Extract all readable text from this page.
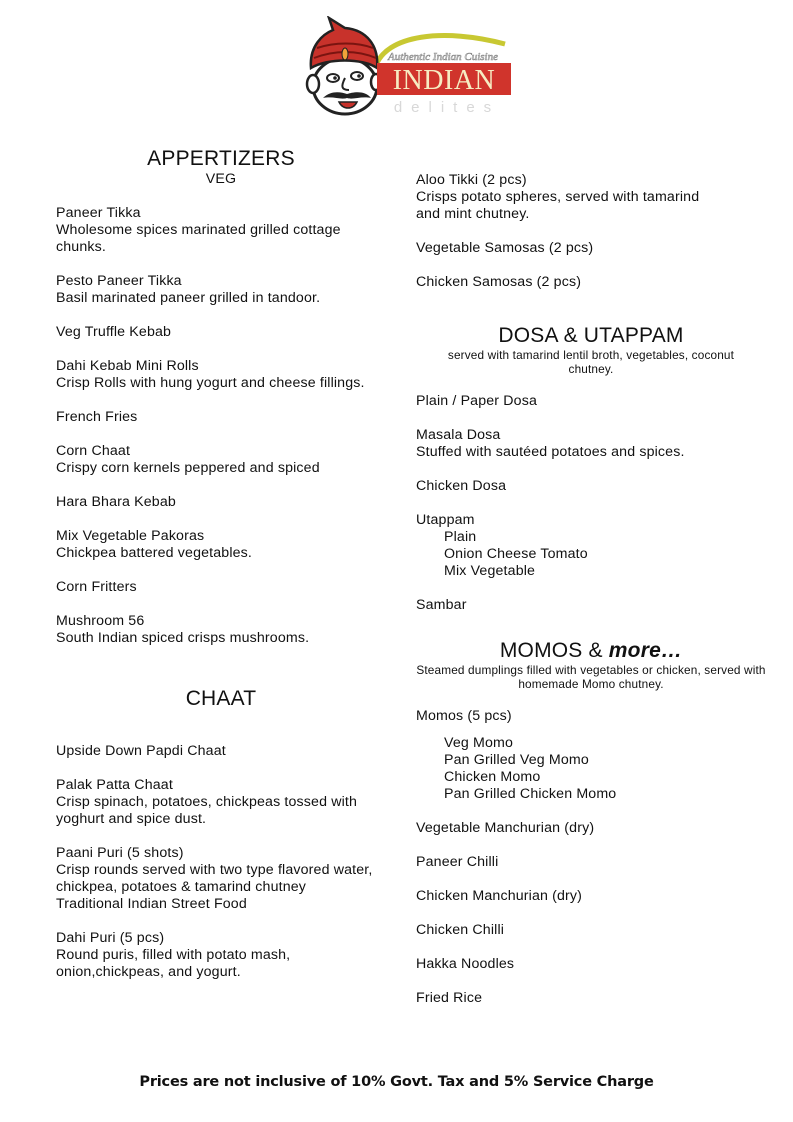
Authentic Indian Cuisine
INDIAN
delites
APPERTIZERS
VEG
Paneer Tikka
Wholesome spices marinated grilled cottage chunks.
Pesto Paneer Tikka
Basil marinated paneer grilled in tandoor.
Veg Truffle Kebab
Dahi Kebab Mini Rolls
Crisp Rolls with hung yogurt and cheese fillings.
French Fries
Corn Chaat
Crispy corn kernels peppered and spiced
Hara Bhara Kebab
Mix Vegetable Pakoras
Chickpea battered vegetables.
Corn Fritters
Mushroom 56
South Indian spiced crisps mushrooms.
CHAAT
Upside Down Papdi Chaat
Palak Patta Chaat
Crisp spinach, potatoes, chickpeas tossed with yoghurt and spice dust.
Paani Puri (5 shots)
Crisp rounds served with two type flavored water, chickpea, potatoes & tamarind chutney
Traditional Indian Street Food
Dahi Puri (5 pcs)
Round puris, filled with potato mash, onion,chickpeas, and yogurt.
Aloo Tikki (2 pcs)
Crisps potato spheres, served with tamarind and mint chutney.
Vegetable Samosas (2 pcs)
Chicken Samosas (2 pcs)
DOSA & UTAPPAM
served with tamarind lentil broth, vegetables, coconut chutney.
Plain / Paper Dosa
Masala Dosa
Stuffed with sautéed potatoes and spices.
Chicken Dosa
Utappam
Plain
Onion Cheese Tomato
Mix Vegetable
Sambar
MOMOS & more…
Steamed dumplings filled with vegetables or chicken, served with homemade Momo chutney.
Momos (5 pcs)
Veg Momo
Pan Grilled Veg Momo
Chicken Momo
Pan Grilled Chicken Momo
Vegetable Manchurian (dry)
Paneer Chilli
Chicken Manchurian (dry)
Chicken Chilli
Hakka Noodles
Fried Rice
Prices are not inclusive of 10% Govt. Tax and 5% Service Charge
